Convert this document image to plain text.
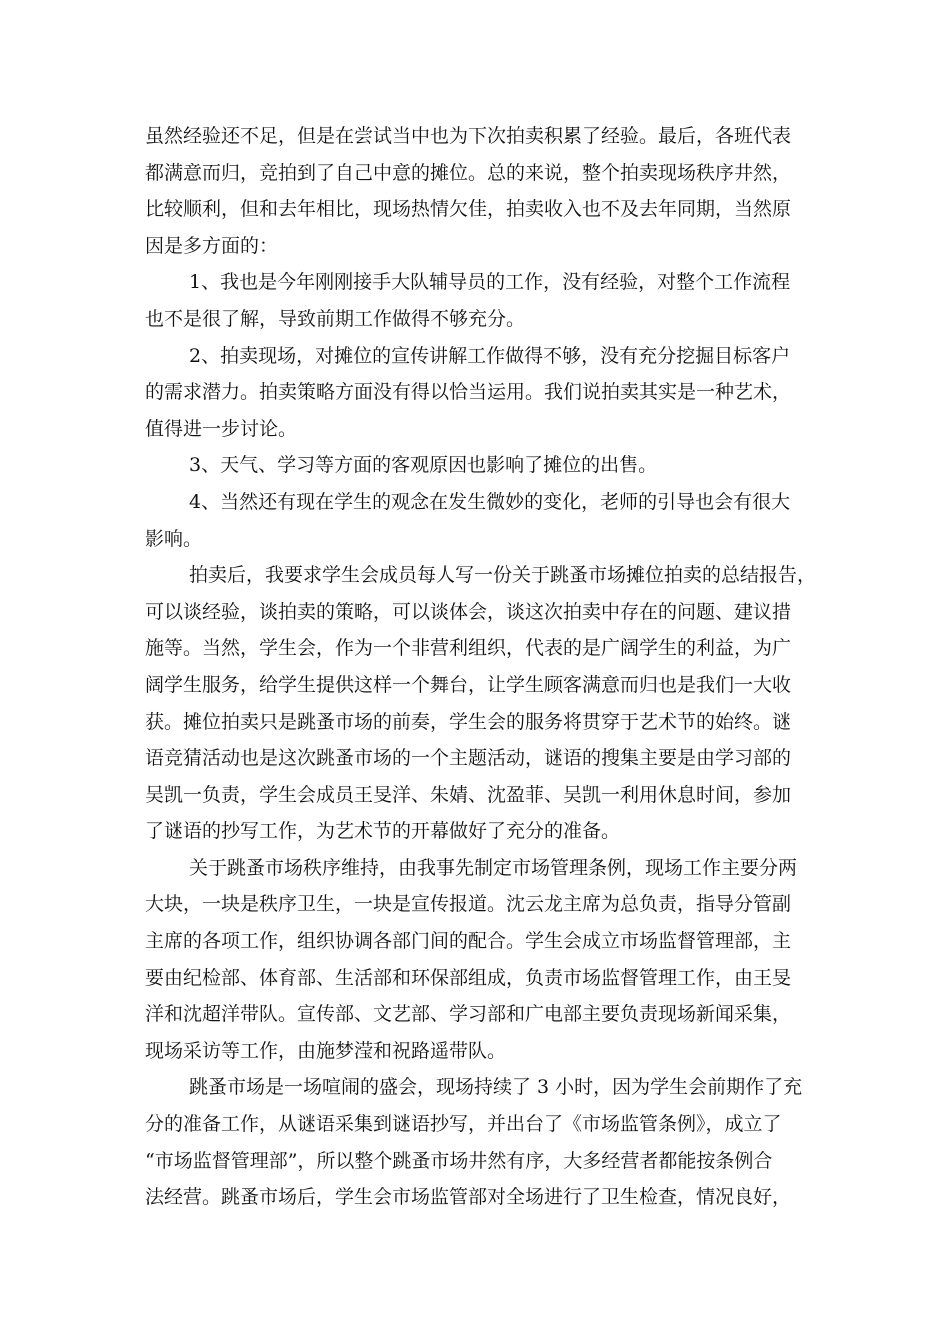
虽然经验还不足，但是在尝试当中也为下次拍卖积累了经验。最后，各班代表
都满意而归，竞拍到了自己中意的摊位。总的来说，整个拍卖现场秩序井然，
比较顺利，但和去年相比，现场热情欠佳，拍卖收入也不及去年同期，当然原
因是多方面的：
1、我也是今年刚刚接手大队辅导员的工作，没有经验，对整个工作流程
也不是很了解，导致前期工作做得不够充分。
2、拍卖现场，对摊位的宣传讲解工作做得不够，没有充分挖掘目标客户
的需求潜力。拍卖策略方面没有得以恰当运用。我们说拍卖其实是一种艺术，
值得进一步讨论。
3、天气、学习等方面的客观原因也影响了摊位的出售。
4、当然还有现在学生的观念在发生微妙的变化，老师的引导也会有很大
影响。
拍卖后，我要求学生会成员每人写一份关于跳蚤市场摊位拍卖的总结报告，
可以谈经验，谈拍卖的策略，可以谈体会，谈这次拍卖中存在的问题、建议措
施等。当然，学生会，作为一个非营利组织，代表的是广阔学生的利益，为广
阔学生服务，给学生提供这样一个舞台，让学生顾客满意而归也是我们一大收
获。摊位拍卖只是跳蚤市场的前奏，学生会的服务将贯穿于艺术节的始终。谜
语竞猜活动也是这次跳蚤市场的一个主题活动，谜语的搜集主要是由学习部的
吴凯一负责，学生会成员王旻洋、朱婧、沈盈菲、吴凯一利用休息时间，参加
了谜语的抄写工作，为艺术节的开幕做好了充分的准备。
关于跳蚤市场秩序维持，由我事先制定市场管理条例，现场工作主要分两
大块，一块是秩序卫生，一块是宣传报道。沈云龙主席为总负责，指导分管副
主席的各项工作，组织协调各部门间的配合。学生会成立市场监督管理部，主
要由纪检部、体育部、生活部和环保部组成，负责市场监督管理工作，由王旻
洋和沈超洋带队。宣传部、文艺部、学习部和广电部主要负责现场新闻采集，
现场采访等工作，由施梦滢和祝路遥带队。
跳蚤市场是一场喧闹的盛会，现场持续了 3 小时，因为学生会前期作了充
分的准备工作，从谜语采集到谜语抄写，并出台了《市场监管条例》，成立了
“市场监督管理部”，所以整个跳蚤市场井然有序，大多经营者都能按条例合
法经营。跳蚤市场后，学生会市场监管部对全场进行了卫生检查，情况良好，
